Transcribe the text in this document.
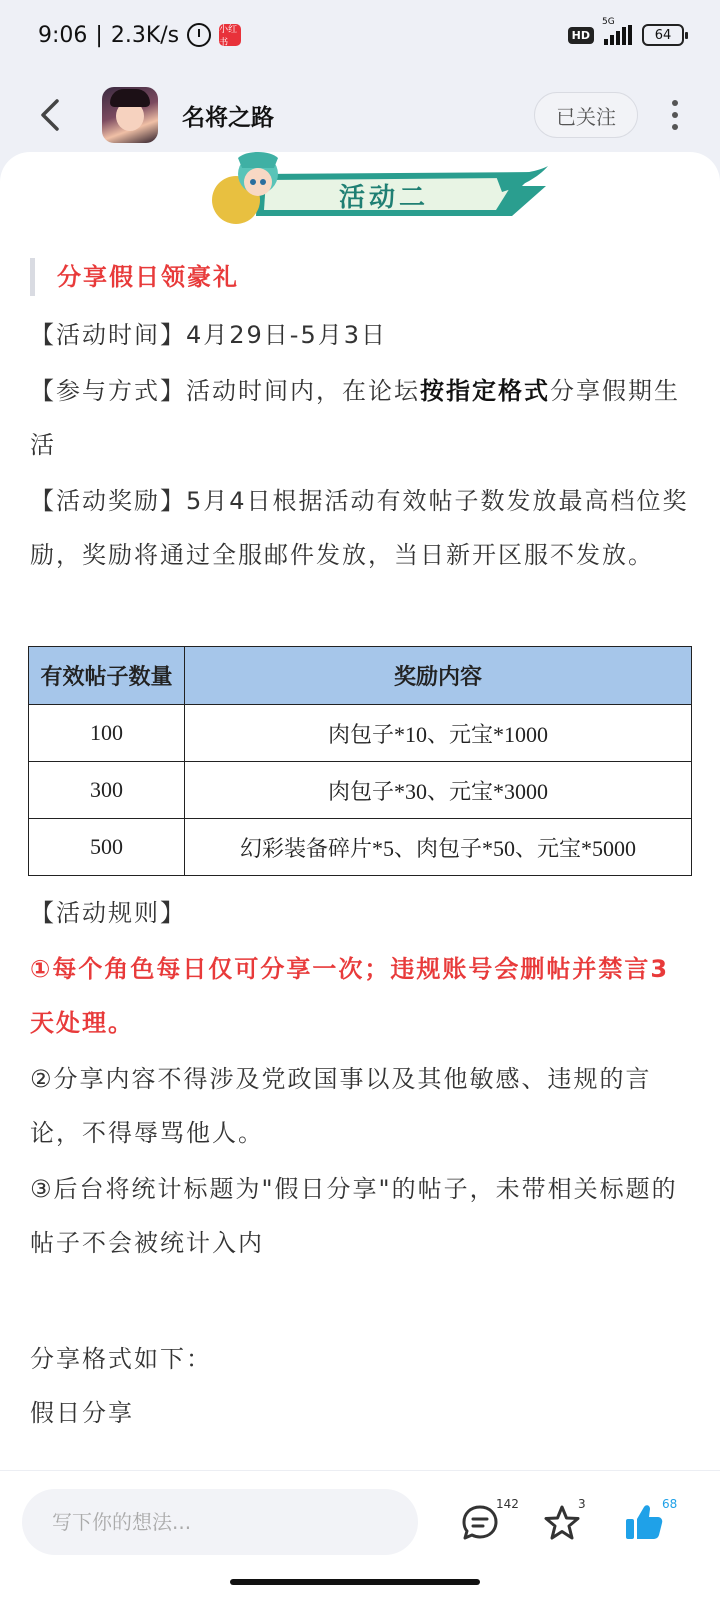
9:06 | 2.3K/s	小红书
HD
5G
64
名将之路	已关注
活动二
分享假日领豪礼
【活动时间】4月29日-5月3日
【参与方式】活动时间内，在论坛按指定格式分享假期生活
【活动奖励】5月4日根据活动有效帖子数发放最高档位奖励，奖励将通过全服邮件发放，当日新开区服不发放。
有效帖子数量	奖励内容
100	肉包子*10、元宝*1000
300	肉包子*30、元宝*3000
500	幻彩装备碎片*5、肉包子*50、元宝*5000
【活动规则】
①每个角色每日仅可分享一次；违规账号会删帖并禁言3天处理。
②分享内容不得涉及党政国事以及其他敏感、违规的言论，不得辱骂他人。
③后台将统计标题为"假日分享"的帖子，未带相关标题的帖子不会被统计入内
分享格式如下：
假日分享
写下你的想法...
142	3	68
